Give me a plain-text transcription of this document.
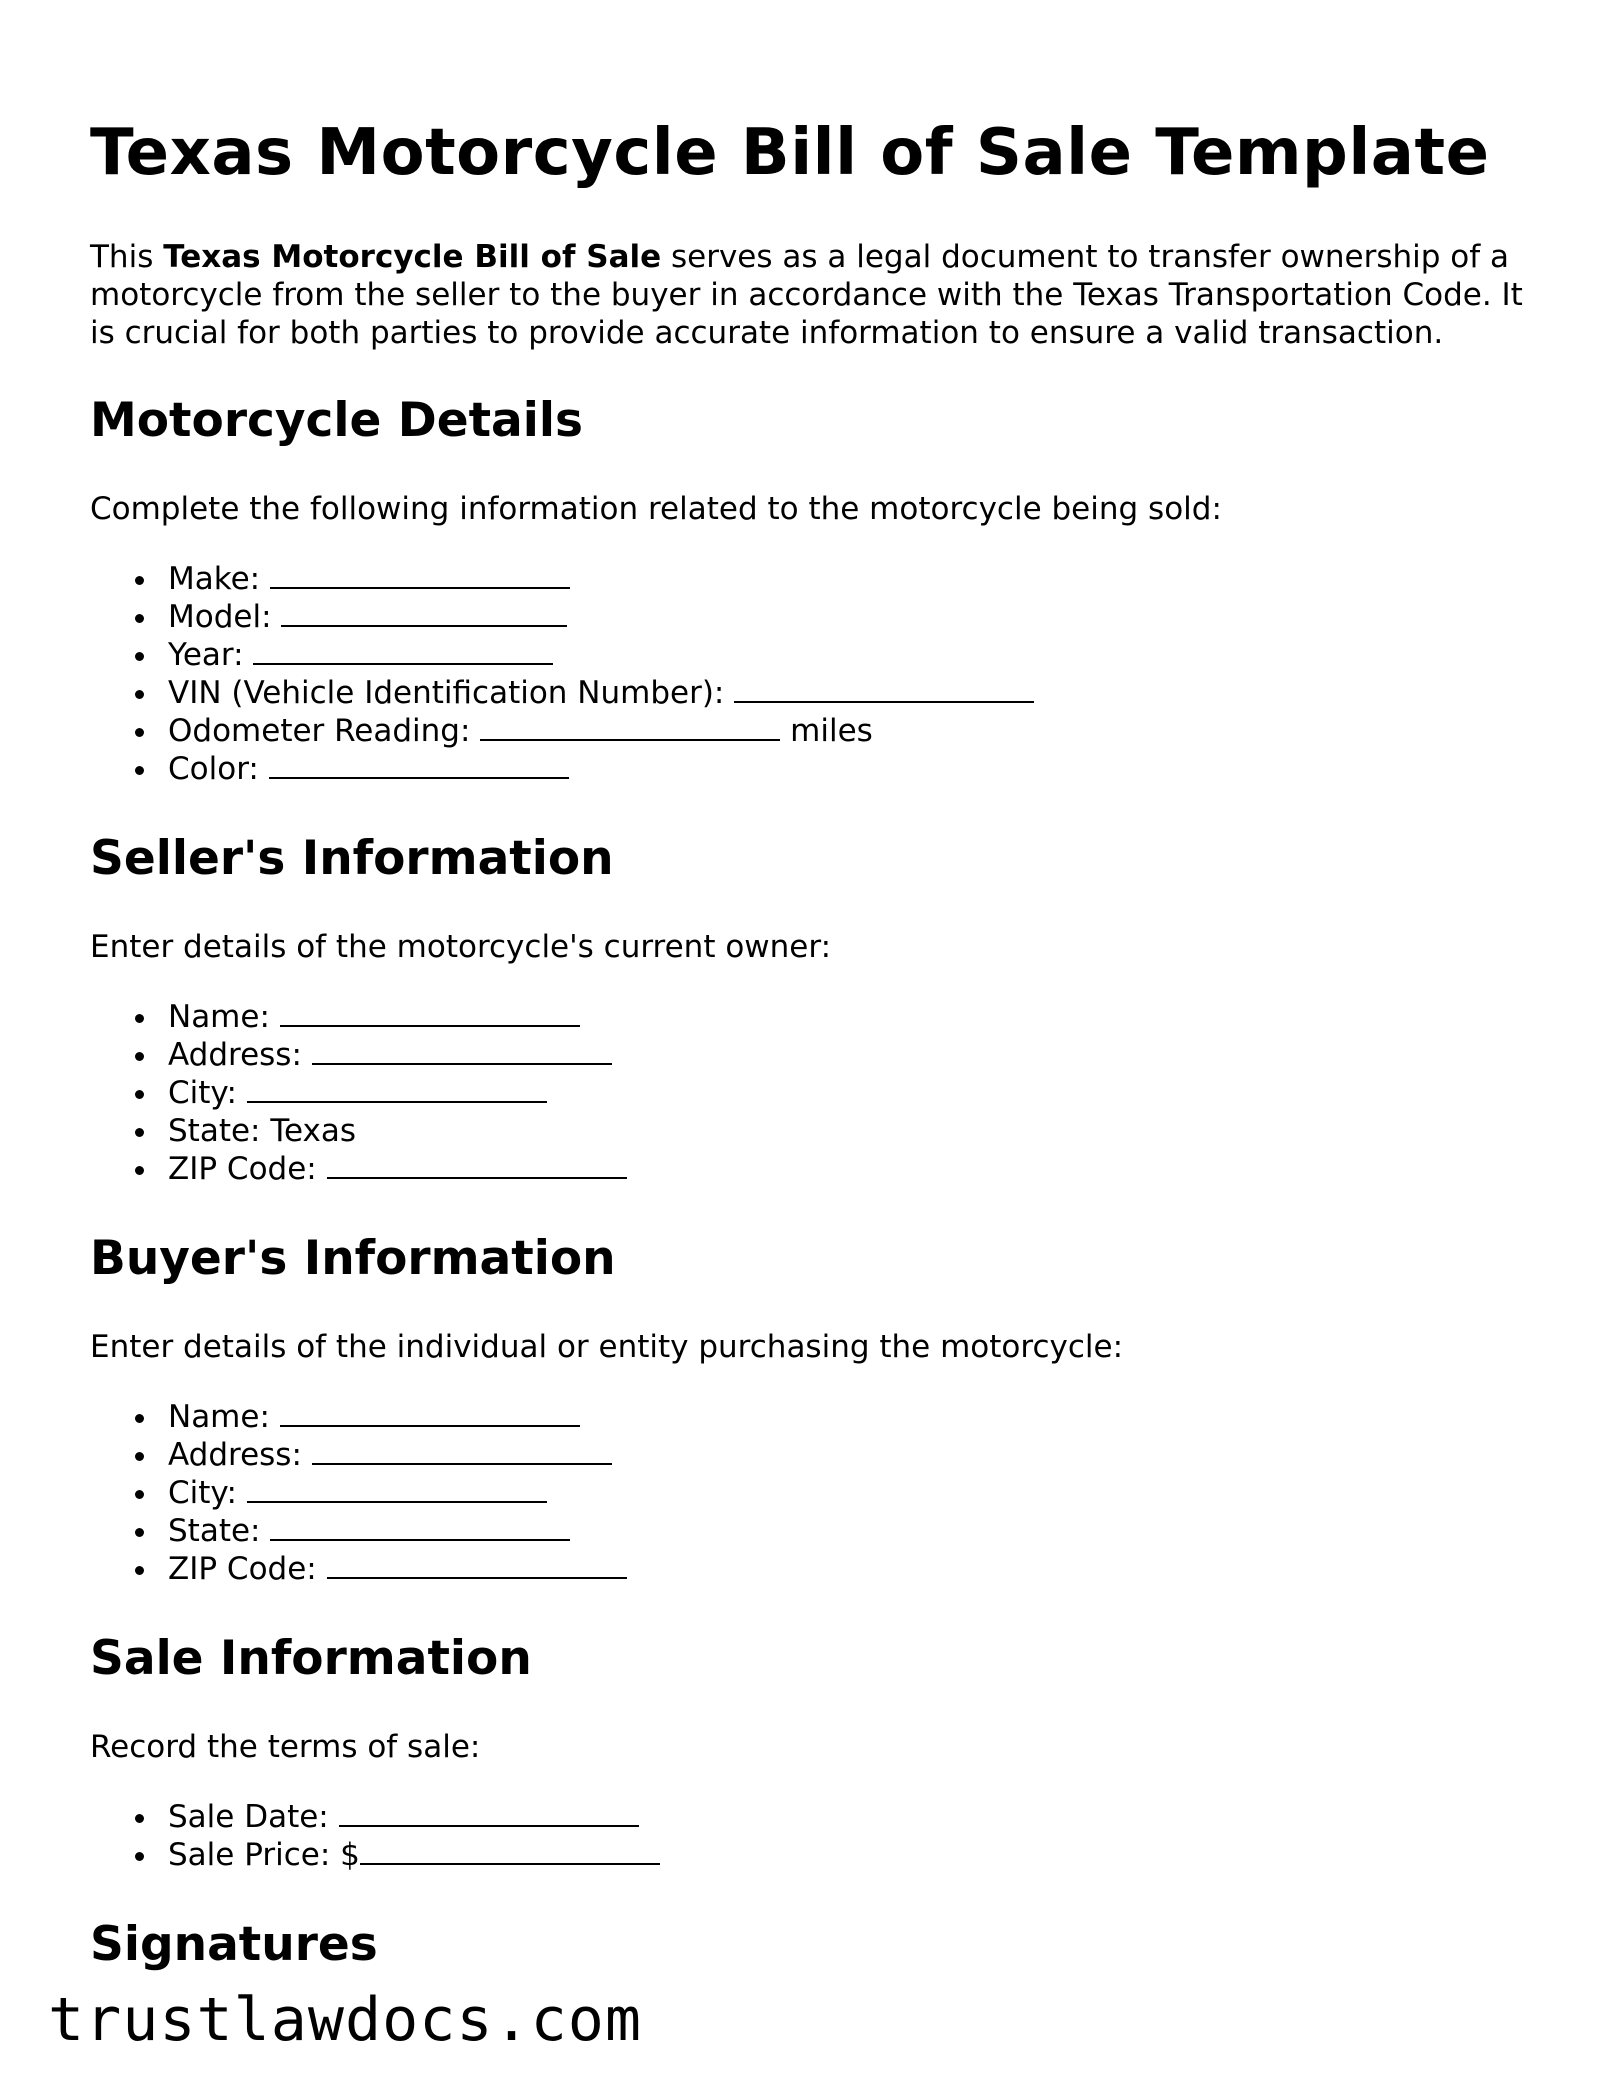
Texas Motorcycle Bill of Sale Template

This Texas Motorcycle Bill of Sale serves as a legal document to transfer ownership of a motorcycle from the seller to the buyer in accordance with the Texas Transportation Code. It is crucial for both parties to provide accurate information to ensure a valid transaction.

Motorcycle Details

Complete the following information related to the motorcycle being sold:

Make:
Model:
Year:
VIN (Vehicle Identification Number):
Odometer Reading:	miles
Color:
Seller's Information

Enter details of the motorcycle's current owner:

Name:
Address:
City:
State: Texas
ZIP Code:
Buyer's Information

Enter details of the individual or entity purchasing the motorcycle:

Name:
Address:
City:
State:
ZIP Code:
Sale Information

Record the terms of sale:

Sale Date:
Sale Price: $
Signatures
trustlawdocs.com
